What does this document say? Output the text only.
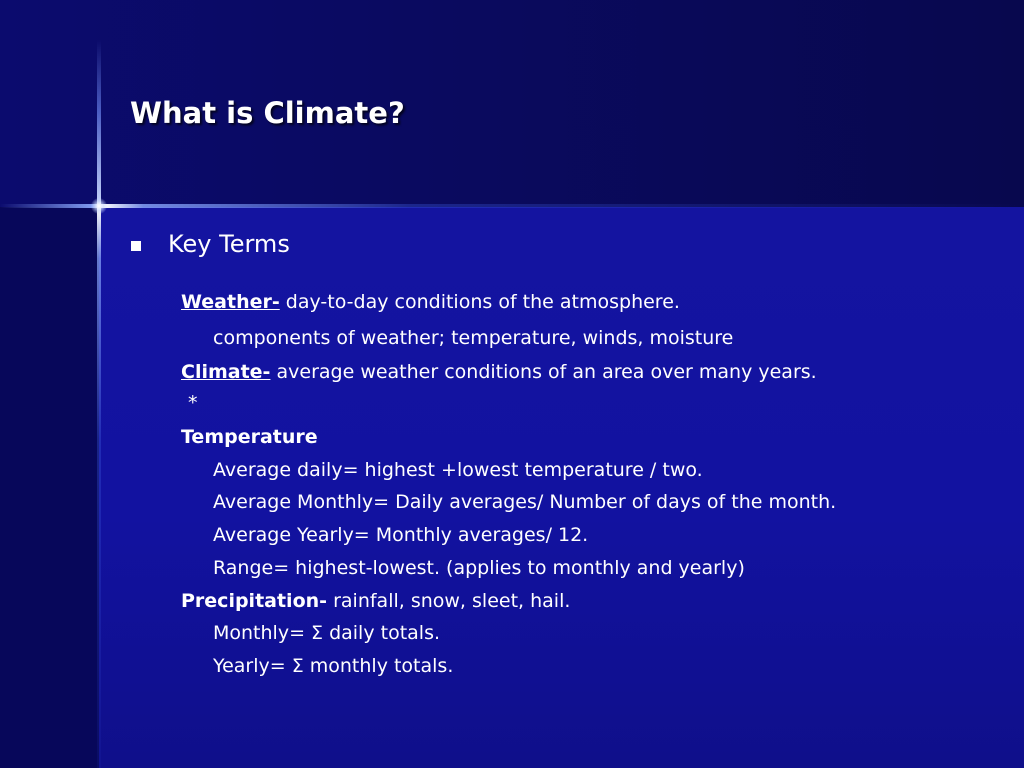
What is Climate?
Key Terms
Weather- day-to-day conditions of the atmosphere.
components of weather; temperature, winds, moisture
Climate- average weather conditions of an area over many years.
*
Temperature
Average daily= highest +lowest temperature / two.
Average Monthly= Daily averages/ Number of days of the month.
Average Yearly= Monthly averages/ 12.
Range= highest-lowest. (applies to monthly and yearly)
Precipitation- rainfall, snow, sleet, hail.
Monthly= Σ daily totals.
Yearly= Σ monthly totals.
